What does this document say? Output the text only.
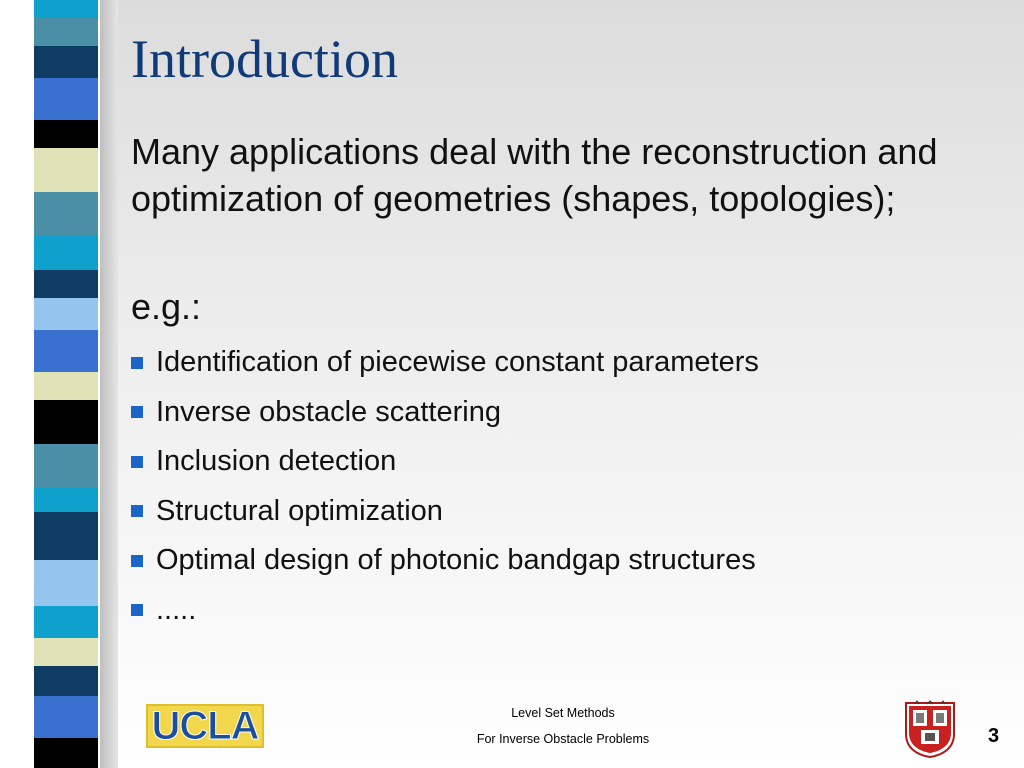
Introduction

Many applications deal with the reconstruction and optimization of geometries (shapes, topologies);

e.g.:

Identification of piecewise constant parameters
Inverse obstacle scattering
Inclusion detection
Structural optimization
Optimal design of photonic bandgap structures
.....
UCLA	Level Set Methods
For Inverse Obstacle Problems	3
